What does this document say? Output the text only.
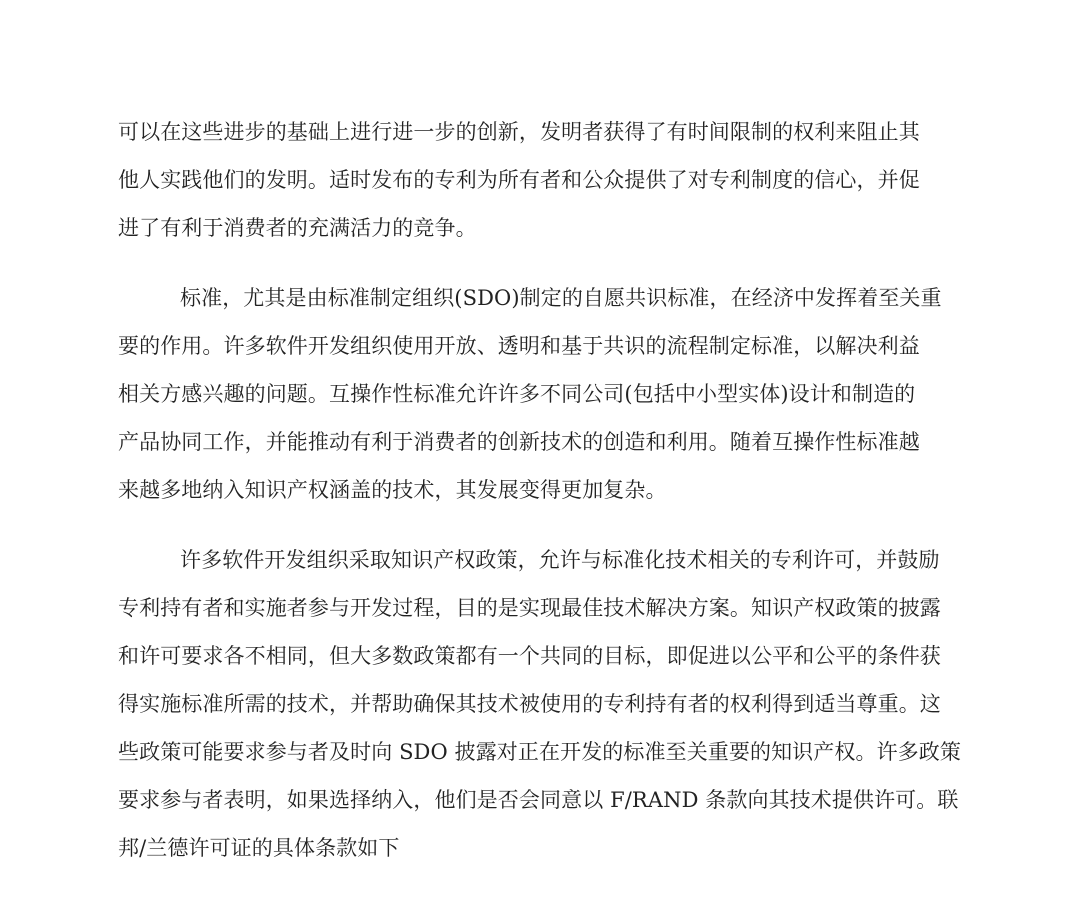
可以在这些进步的基础上进行进一步的创新，发明者获得了有时间限制的权利来阻止其
他人实践他们的发明。适时发布的专利为所有者和公众提供了对专利制度的信心，并促
进了有利于消费者的充满活力的竞争。
标准，尤其是由标准制定组织(SDO)制定的自愿共识标准，在经济中发挥着至关重
要的作用。许多软件开发组织使用开放、透明和基于共识的流程制定标准，以解决利益
相关方感兴趣的问题。互操作性标准允许许多不同公司(包括中小型实体)设计和制造的
产品协同工作，并能推动有利于消费者的创新技术的创造和利用。随着互操作性标准越
来越多地纳入知识产权涵盖的技术，其发展变得更加复杂。
许多软件开发组织采取知识产权政策，允许与标准化技术相关的专利许可，并鼓励
专利持有者和实施者参与开发过程，目的是实现最佳技术解决方案。知识产权政策的披露
和许可要求各不相同，但大多数政策都有一个共同的目标，即促进以公平和公平的条件获
得实施标准所需的技术，并帮助确保其技术被使用的专利持有者的权利得到适当尊重。这
些政策可能要求参与者及时向 SDO 披露对正在开发的标准至关重要的知识产权。许多政策
要求参与者表明，如果选择纳入，他们是否会同意以 F/RAND 条款向其技术提供许可。联
邦/兰德许可证的具体条款如下
